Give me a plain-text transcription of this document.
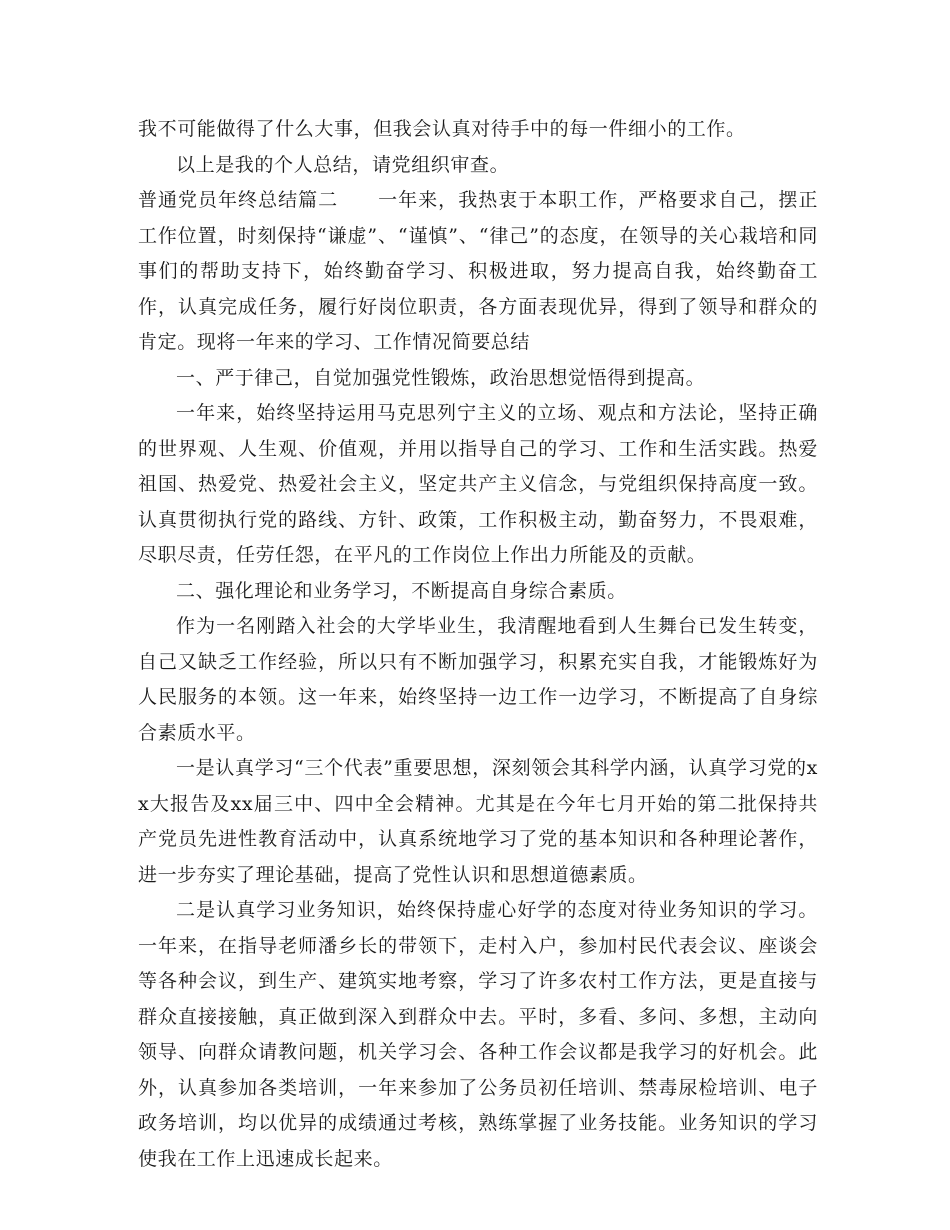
我不可能做得了什么大事，但我会认真对待手中的每一件细小的工作。

以上是我的个人总结，请党组织审查。

普通党员年终总结篇二　　一年来，我热衷于本职工作，严格要求自己，摆正工作位置，时刻保持“谦虚”、“谨慎”、“律己”的态度，在领导的关心栽培和同事们的帮助支持下，始终勤奋学习、积极进取，努力提高自我，始终勤奋工作，认真完成任务，履行好岗位职责，各方面表现优异，得到了领导和群众的肯定。现将一年来的学习、工作情况简要总结

一、严于律己，自觉加强党性锻炼，政治思想觉悟得到提高。

一年来，始终坚持运用马克思列宁主义的立场、观点和方法论，坚持正确的世界观、人生观、价值观，并用以指导自己的学习、工作和生活实践。热爱祖国、热爱党、热爱社会主义，坚定共产主义信念，与党组织保持高度一致。认真贯彻执行党的路线、方针、政策，工作积极主动，勤奋努力，不畏艰难，尽职尽责，任劳任怨，在平凡的工作岗位上作出力所能及的贡献。

二、强化理论和业务学习，不断提高自身综合素质。

作为一名刚踏入社会的大学毕业生，我清醒地看到人生舞台已发生转变，自己又缺乏工作经验，所以只有不断加强学习，积累充实自我，才能锻炼好为人民服务的本领。这一年来，始终坚持一边工作一边学习，不断提高了自身综合素质水平。

一是认真学习“三个代表”重要思想，深刻领会其科学内涵，认真学习党的xx大报告及xx届三中、四中全会精神。尤其是在今年七月开始的第二批保持共产党员先进性教育活动中，认真系统地学习了党的基本知识和各种理论著作，进一步夯实了理论基础，提高了党性认识和思想道德素质。

二是认真学习业务知识，始终保持虚心好学的态度对待业务知识的学习。一年来，在指导老师潘乡长的带领下，走村入户，参加村民代表会议、座谈会等各种会议，到生产、建筑实地考察，学习了许多农村工作方法，更是直接与群众直接接触，真正做到深入到群众中去。平时，多看、多问、多想，主动向领导、向群众请教问题，机关学习会、各种工作会议都是我学习的好机会。此外，认真参加各类培训，一年来参加了公务员初任培训、禁毒尿检培训、电子政务培训，均以优异的成绩通过考核，熟练掌握了业务技能。业务知识的学习使我在工作上迅速成长起来。
